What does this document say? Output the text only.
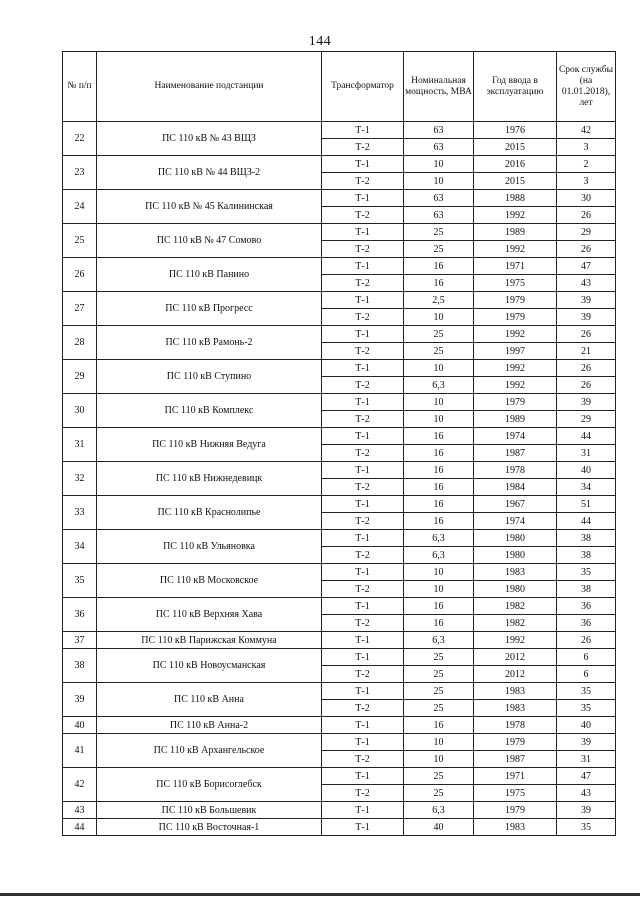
144
№ п/п	Наименование подстанции	Трансформатор	Номинальная мощность, МВА	Год ввода в эксплуатацию	Срок службы (на 01.01.2018), лет
22	ПС 110 кВ № 43 ВЩЗ	Т-1	63	1976	42
		Т-2	63	2015	3
23	ПС 110 кВ № 44 ВЩЗ-2	Т-1	10	2016	2
		Т-2	10	2015	3
24	ПС 110 кВ № 45 Калининская	Т-1	63	1988	30
		Т-2	63	1992	26
25	ПС 110 кВ № 47 Сомово	Т-1	25	1989	29
		Т-2	25	1992	26
26	ПС 110 кВ Панино	Т-1	16	1971	47
		Т-2	16	1975	43
27	ПС 110 кВ Прогресс	Т-1	2,5	1979	39
		Т-2	10	1979	39
28	ПС 110 кВ Рамонь-2	Т-1	25	1992	26
		Т-2	25	1997	21
29	ПС 110 кВ Ступино	Т-1	10	1992	26
		Т-2	6,3	1992	26
30	ПС 110 кВ Комплекс	Т-1	10	1979	39
		Т-2	10	1989	29
31	ПС 110 кВ Нижняя Ведуга	Т-1	16	1974	44
		Т-2	16	1987	31
32	ПС 110 кВ Нижнедевицк	Т-1	16	1978	40
		Т-2	16	1984	34
33	ПС 110 кВ Краснолипье	Т-1	16	1967	51
		Т-2	16	1974	44
34	ПС 110 кВ Ульяновка	Т-1	6,3	1980	38
		Т-2	6,3	1980	38
35	ПС 110 кВ Московское	Т-1	10	1983	35
		Т-2	10	1980	38
36	ПС 110 кВ Верхняя Хава	Т-1	16	1982	36
		Т-2	16	1982	36
37	ПС 110 кВ Парижская Коммуна	Т-1	6,3	1992	26
38	ПС 110 кВ Новоусманская	Т-1	25	2012	6
		Т-2	25	2012	6
39	ПС 110 кВ Анна	Т-1	25	1983	35
		Т-2	25	1983	35
40	ПС 110 кВ Анна-2	Т-1	16	1978	40
41	ПС 110 кВ Архангельское	Т-1	10	1979	39
		Т-2	10	1987	31
42	ПС 110 кВ Борисоглебск	Т-1	25	1971	47
		Т-2	25	1975	43
43	ПС 110 кВ Большевик	Т-1	6,3	1979	39
44	ПС 110 кВ Восточная-1	Т-1	40	1983	35
